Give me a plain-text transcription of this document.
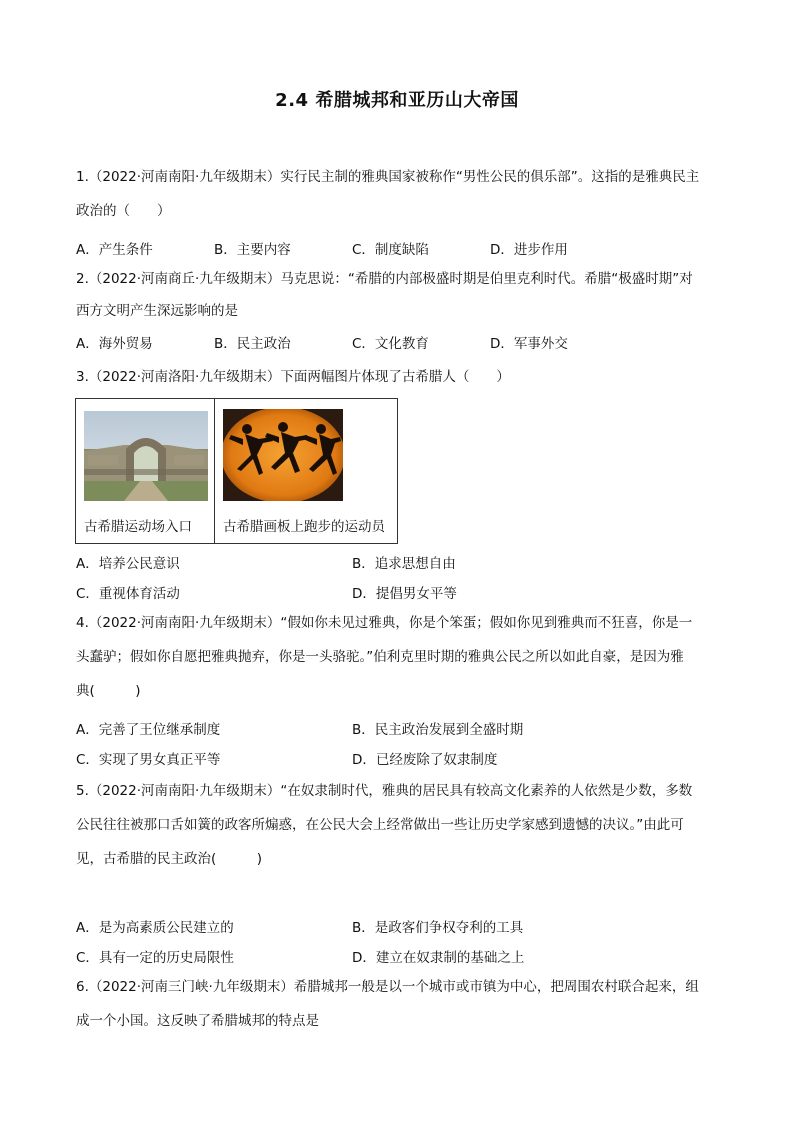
2.4 希腊城邦和亚历山大帝国
1.（2022·河南南阳·九年级期末）实行民主制的雅典国家被称作“男性公民的俱乐部”。这指的是雅典民主
政治的（　　）
A．产生条件	B．主要内容	C．制度缺陷	D．进步作用
2.（2022·河南商丘·九年级期末）马克思说：“希腊的内部极盛时期是伯里克利时代。希腊“极盛时期”对
西方文明产生深远影响的是
A．海外贸易	B．民主政治	C．文化教育	D．军事外交
3.（2022·河南洛阳·九年级期末）下面两幅图片体现了古希腊人（　　）
古希腊运动场入口	古希腊画板上跑步的运动员
A．培养公民意识	B．追求思想自由
C．重视体育活动	D．提倡男女平等
4.（2022·河南南阳·九年级期末）“假如你未见过雅典，你是个笨蛋；假如你见到雅典而不狂喜，你是一
头蠢驴；假如你自愿把雅典抛弃，你是一头骆驼。”伯利克里时期的雅典公民之所以如此自豪，是因为雅
典(　　　)
A．完善了王位继承制度	B．民主政治发展到全盛时期
C．实现了男女真正平等	D．已经废除了奴隶制度
5.（2022·河南南阳·九年级期末）“在奴隶制时代，雅典的居民具有较高文化素养的人依然是少数，多数
公民往往被那口舌如簧的政客所煽惑，在公民大会上经常做出一些让历史学家感到遗憾的决议。”由此可
见，古希腊的民主政治(　　　)
A．是为高素质公民建立的	B．是政客们争权夺利的工具
C．具有一定的历史局限性	D．建立在奴隶制的基础之上
6.（2022·河南三门峡·九年级期末）希腊城邦一般是以一个城市或市镇为中心，把周围农村联合起来，组
成一个小国。这反映了希腊城邦的特点是
